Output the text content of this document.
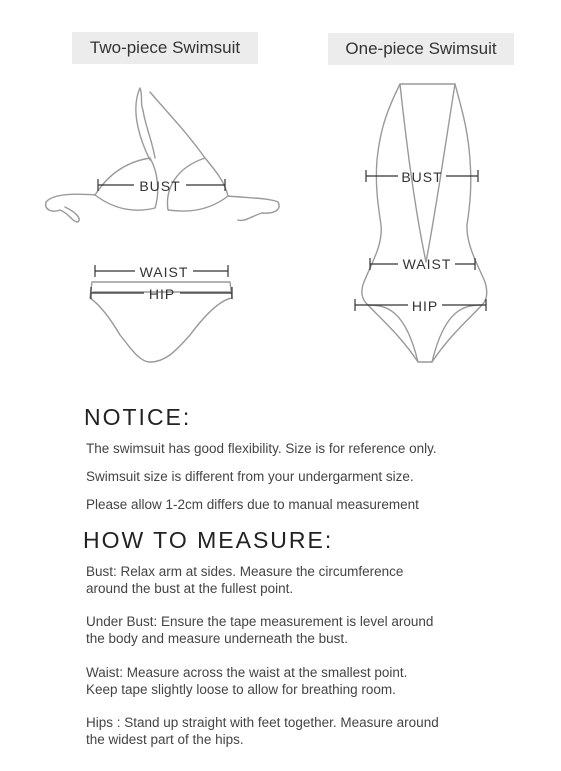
Two-piece Swimsuit	One-piece Swimsuit
BUST
WAIST
HIP
BUST
WAIST
HIP
NOTICE:
The swimsuit has good flexibility. Size is for reference only.
Swimsuit size is different from your undergarment size.
Please allow 1-2cm differs due to manual measurement
HOW TO MEASURE:
Bust: Relax arm at sides. Measure the circumference
around the bust at the fullest point.
Under Bust: Ensure the tape measurement is level around
the body and measure underneath the bust.
Waist: Measure across the waist at the smallest point.
Keep tape slightly loose to allow for breathing room.
Hips : Stand up straight with feet together. Measure around
the widest part of the hips.
